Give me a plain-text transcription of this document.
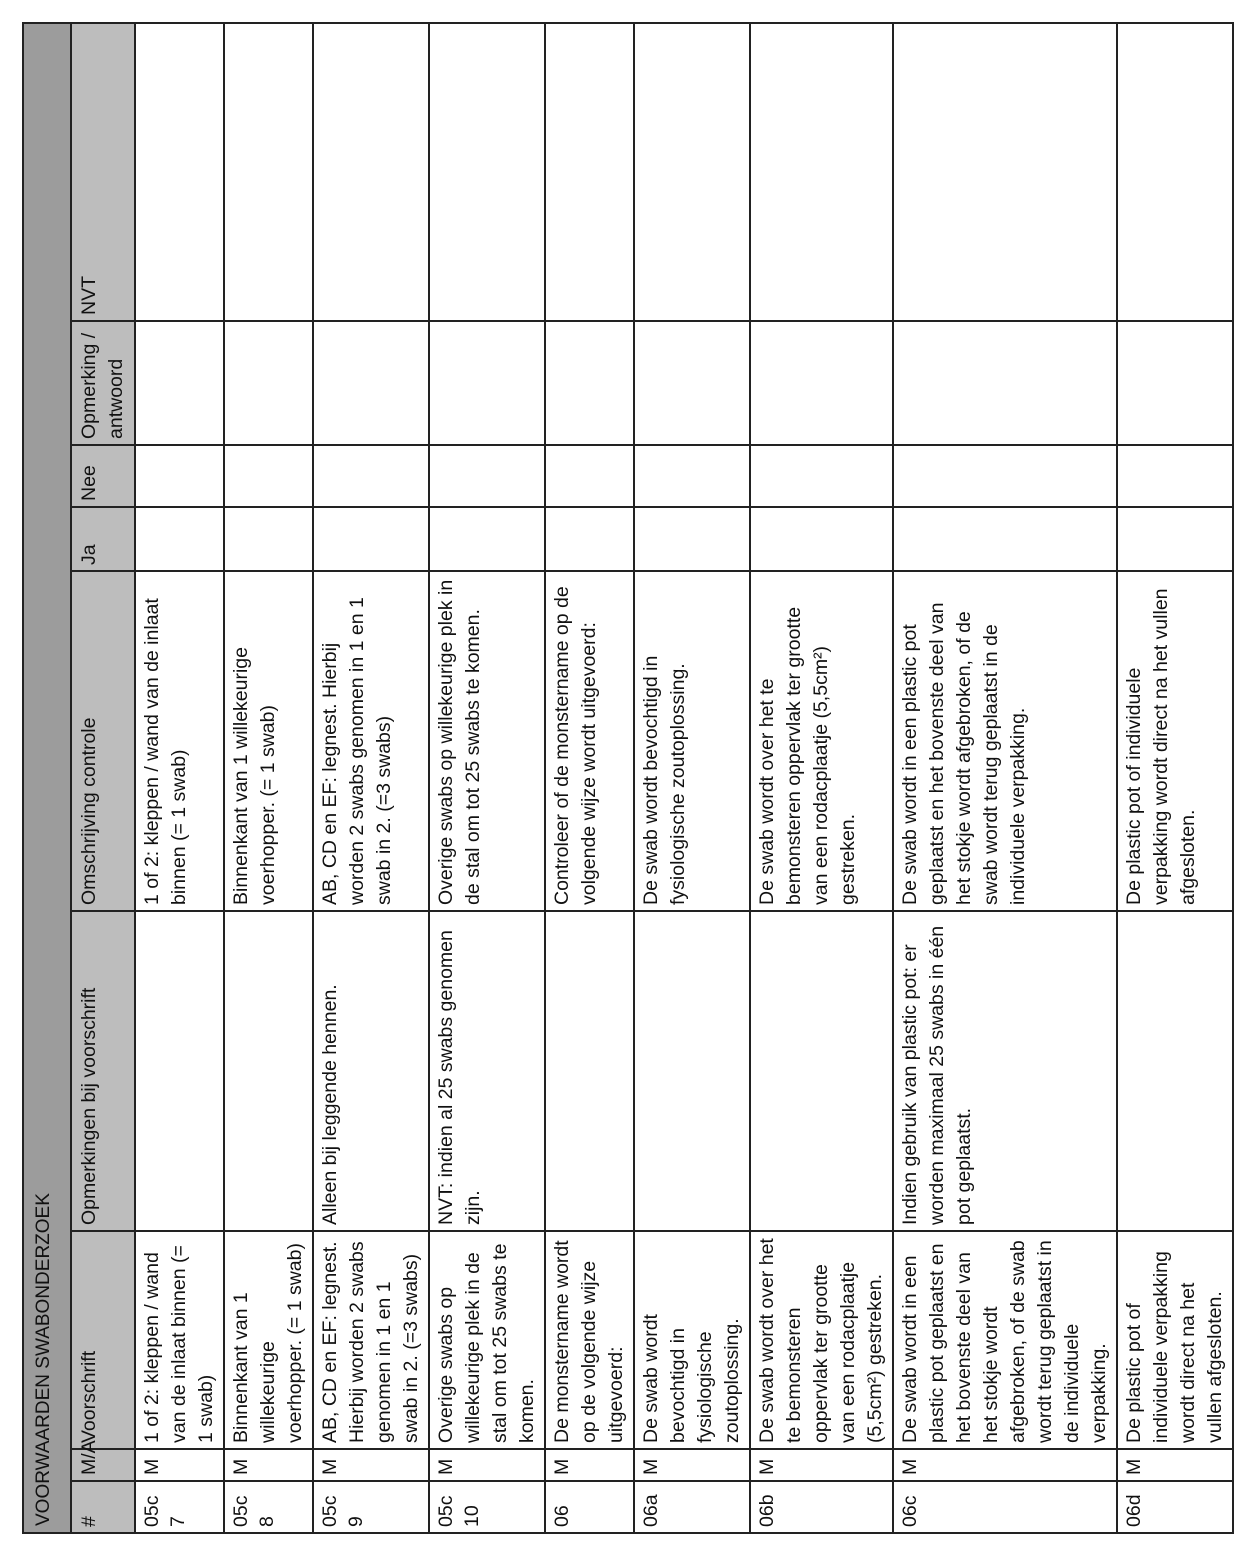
VOORWAARDEN SWABONDERZOEK								
#	M/A	Voorschrift	Opmerkingen bij voorschrift	Omschrijving controle	Ja	Nee	Opmerking / antwoord	NVT
05c 7	M	1 of 2: kleppen / wand van de inlaat binnen (= 1 swab)		1 of 2: kleppen / wand van de inlaat binnen (= 1 swab)				
05c 8	M	Binnenkant van 1 willekeurige voerhopper. (= 1 swab)		Binnenkant van 1 willekeurige voerhopper. (= 1 swab)				
05c 9	M	AB, CD en EF: legnest. Hierbij worden 2 swabs genomen in 1 en 1 swab in 2. (=3 swabs)	Alleen bij leggende hennen.	AB, CD en EF: legnest. Hierbij worden 2 swabs genomen in 1 en 1 swab in 2. (=3 swabs)				
05c 10	M	Overige swabs op willekeurige plek in de stal om tot 25 swabs te komen.	NVT: indien al 25 swabs genomen zijn.	Overige swabs op willekeurige plek in de stal om tot 25 swabs te komen.				
06	M	De monstername wordt op de volgende wijze uitgevoerd:		Controleer of de monstername op de volgende wijze wordt uitgevoerd:				
06a	M	De swab wordt bevochtigd in fysiologische zoutoplossing.		De swab wordt bevochtigd in fysiologische zoutoplossing.				
06b	M	De swab wordt over het te bemonsteren oppervlak ter grootte van een rodacplaatje (5,5cm²) gestreken.		De swab wordt over het te bemonsteren oppervlak ter grootte van een rodacplaatje (5,5cm²) gestreken.				
06c	M	De swab wordt in een plastic pot geplaatst en het bovenste deel van het stokje wordt afgebroken, of de swab wordt terug geplaatst in de individuele verpakking.	Indien gebruik van plastic pot: er worden maximaal 25 swabs in één pot geplaatst.	De swab wordt in een plastic pot geplaatst en het bovenste deel van het stokje wordt afgebroken, of de swab wordt terug geplaatst in de individuele verpakking.				
06d	M	De plastic pot of individuele verpakking wordt direct na het vullen afgesloten.		De plastic pot of individuele verpakking wordt direct na het vullen afgesloten.				
